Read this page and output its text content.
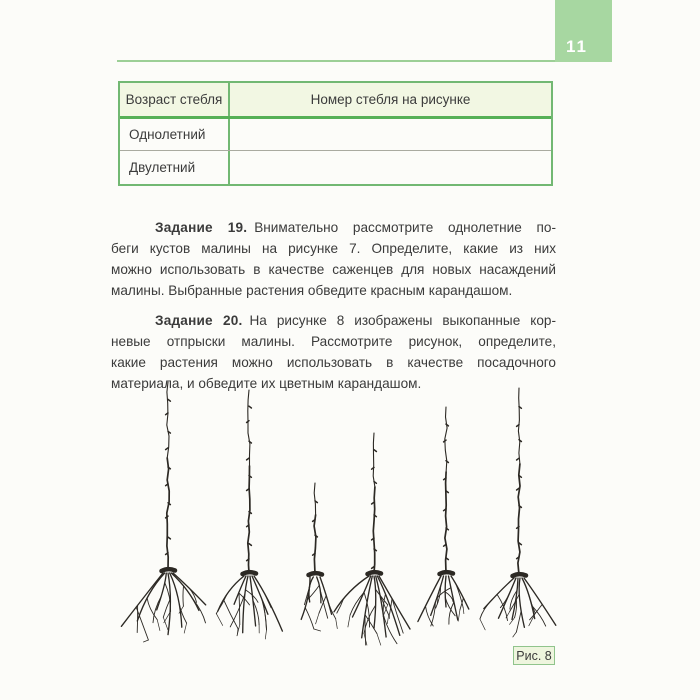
11
Возраст стебля	Номер стебля на рисунке
Однолетний
Двулетний
Задание 19. Внимательно рассмотрите однолетние по-
беги кустов малины на рисунке 7. Определите, какие из них
можно использовать в качестве саженцев для новых насаждений
малины. Выбранные растения обведите красным карандашом.
Задание 20. На рисунке 8 изображены выкопанные кор-
невые отпрыски малины. Рассмотрите рисунок, определите,
какие растения можно использовать в качестве посадочного
материала, и обведите их цветным карандашом.
Рис. 8
